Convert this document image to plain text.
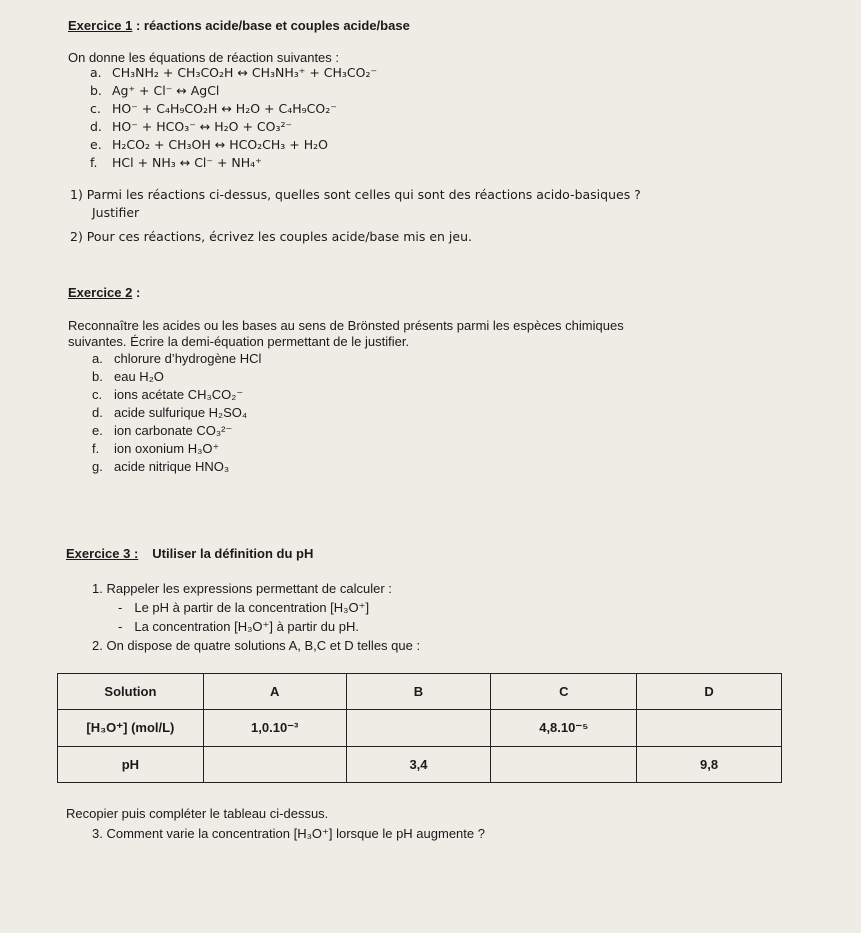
Exercice 1 : réactions acide/base et couples acide/base
On donne les équations de réaction suivantes :
a. CH₃NH₂ + CH₃CO₂H ↔ CH₃NH₃⁺ + CH₃CO₂⁻
b. Ag⁺ + Cl⁻ ↔ AgCl
c. HO⁻ + C₄H₉CO₂H ↔ H₂O + C₄H₉CO₂⁻
d. HO⁻ + HCO₃⁻ ↔ H₂O + CO₃²⁻
e. H₂CO₂ + CH₃OH ↔ HCO₂CH₃ + H₂O
f. HCl + NH₃ ↔ Cl⁻ + NH₄⁺
1) Parmi les réactions ci-dessus, quelles sont celles qui sont des réactions acido-basiques ?
Justifier
2) Pour ces réactions, écrivez les couples acide/base mis en jeu.
Exercice 2 :
Reconnaître les acides ou les bases au sens de Brönsted présents parmi les espèces chimiques
suivantes. Écrire la demi-équation permettant de le justifier.
a. chlorure d’hydrogène HCl
b. eau H₂O
c. ions acétate CH₃CO₂⁻
d. acide sulfurique H₂SO₄
e. ion carbonate CO₃²⁻
f. ion oxonium H₃O⁺
g. acide nitrique HNO₃
Exercice 3 : Utiliser la définition du pH
1. Rappeler les expressions permettant de calculer :
- Le pH à partir de la concentration [H₃O⁺]
- La concentration [H₃O⁺] à partir du pH.
2. On dispose de quatre solutions A, B,C et D telles que :
Solution	A	B	C	D
[H₃O⁺] (mol/L)	1,0.10⁻³		4,8.10⁻⁵	
pH		3,4		9,8
Recopier puis compléter le tableau ci-dessus.
3. Comment varie la concentration [H₃O⁺] lorsque le pH augmente ?
